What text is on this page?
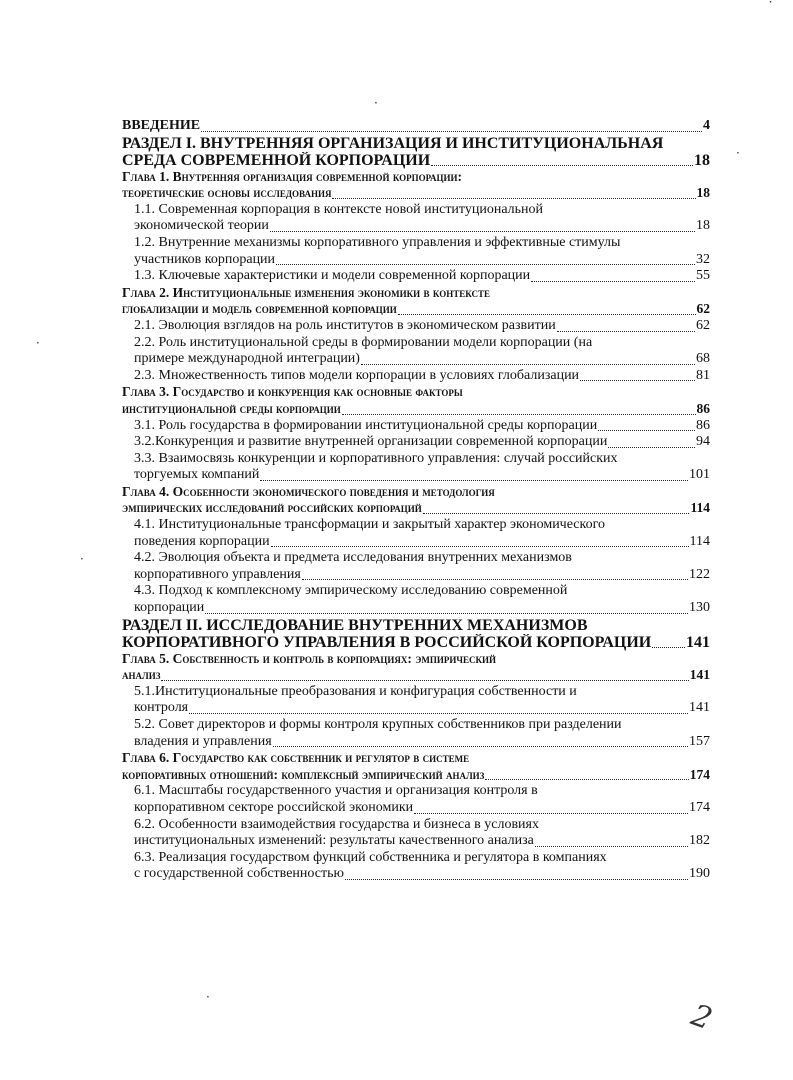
ВВЕДЕНИЕ	4
РАЗДЕЛ I. ВНУТРЕННЯЯ ОРГАНИЗАЦИЯ И ИНСТИТУЦИОНАЛЬНАЯ
СРЕДА СОВРЕМЕННОЙ КОРПОРАЦИИ	18
Глава 1. Внутренняя организация современной корпорации:
теоретические основы исследования	18
1.1. Современная корпорация в контексте новой институциональной
экономической теории	18
1.2. Внутренние механизмы корпоративного управления и эффективные стимулы
участников корпорации	32
1.3. Ключевые характеристики и модели современной корпорации	55
Глава 2. Институциональные изменения экономики в контексте
глобализации и модель современной корпорации	62
2.1. Эволюция взглядов на роль институтов в экономическом развитии	62
2.2. Роль институциональной среды в формировании модели корпорации (на
примере международной интеграции)	68
2.3. Множественность типов модели корпорации в условиях глобализации	81
Глава 3. Государство и конкуренция как основные факторы
институциональной среды корпорации	86
3.1. Роль государства в формировании институциональной среды корпорации	86
3.2.Конкуренция и развитие внутренней организации современной корпорации	94
3.3. Взаимосвязь конкуренции и корпоративного управления: случай российских
торгуемых компаний	101
Глава 4. Особенности экономического поведения и методология
эмпирических исследований российских корпораций	114
4.1. Институциональные трансформации и закрытый характер экономического
поведения корпорации	114
4.2. Эволюция объекта и предмета исследования внутренних механизмов
корпоративного управления	122
4.3. Подход к комплексному эмпирическому исследованию современной
корпорации	130
РАЗДЕЛ II. ИССЛЕДОВАНИЕ ВНУТРЕННИХ МЕХАНИЗМОВ
КОРПОРАТИВНОГО УПРАВЛЕНИЯ В РОССИЙСКОЙ КОРПОРАЦИИ 141
Глава 5. Собственность и контроль в корпорациях: эмпирический
анализ	141
5.1.Институциональные преобразования и конфигурация собственности и
контроля	141
5.2. Совет директоров и формы контроля крупных собственников при разделении
владения и управления	157
Глава 6. Государство как собственник и регулятор в системе
корпоративных отношений: комплексный эмпирический анализ	174
6.1. Масштабы государственного участия и организация контроля в
корпоративном секторе российской экономики	174
6.2. Особенности взаимодействия государства и бизнеса в условиях
институциональных изменений: результаты качественного анализа	182
6.3. Реализация государством функций собственника и регулятора в компаниях
с государственной собственностью	190
˙
·
·
·
·
·
2
